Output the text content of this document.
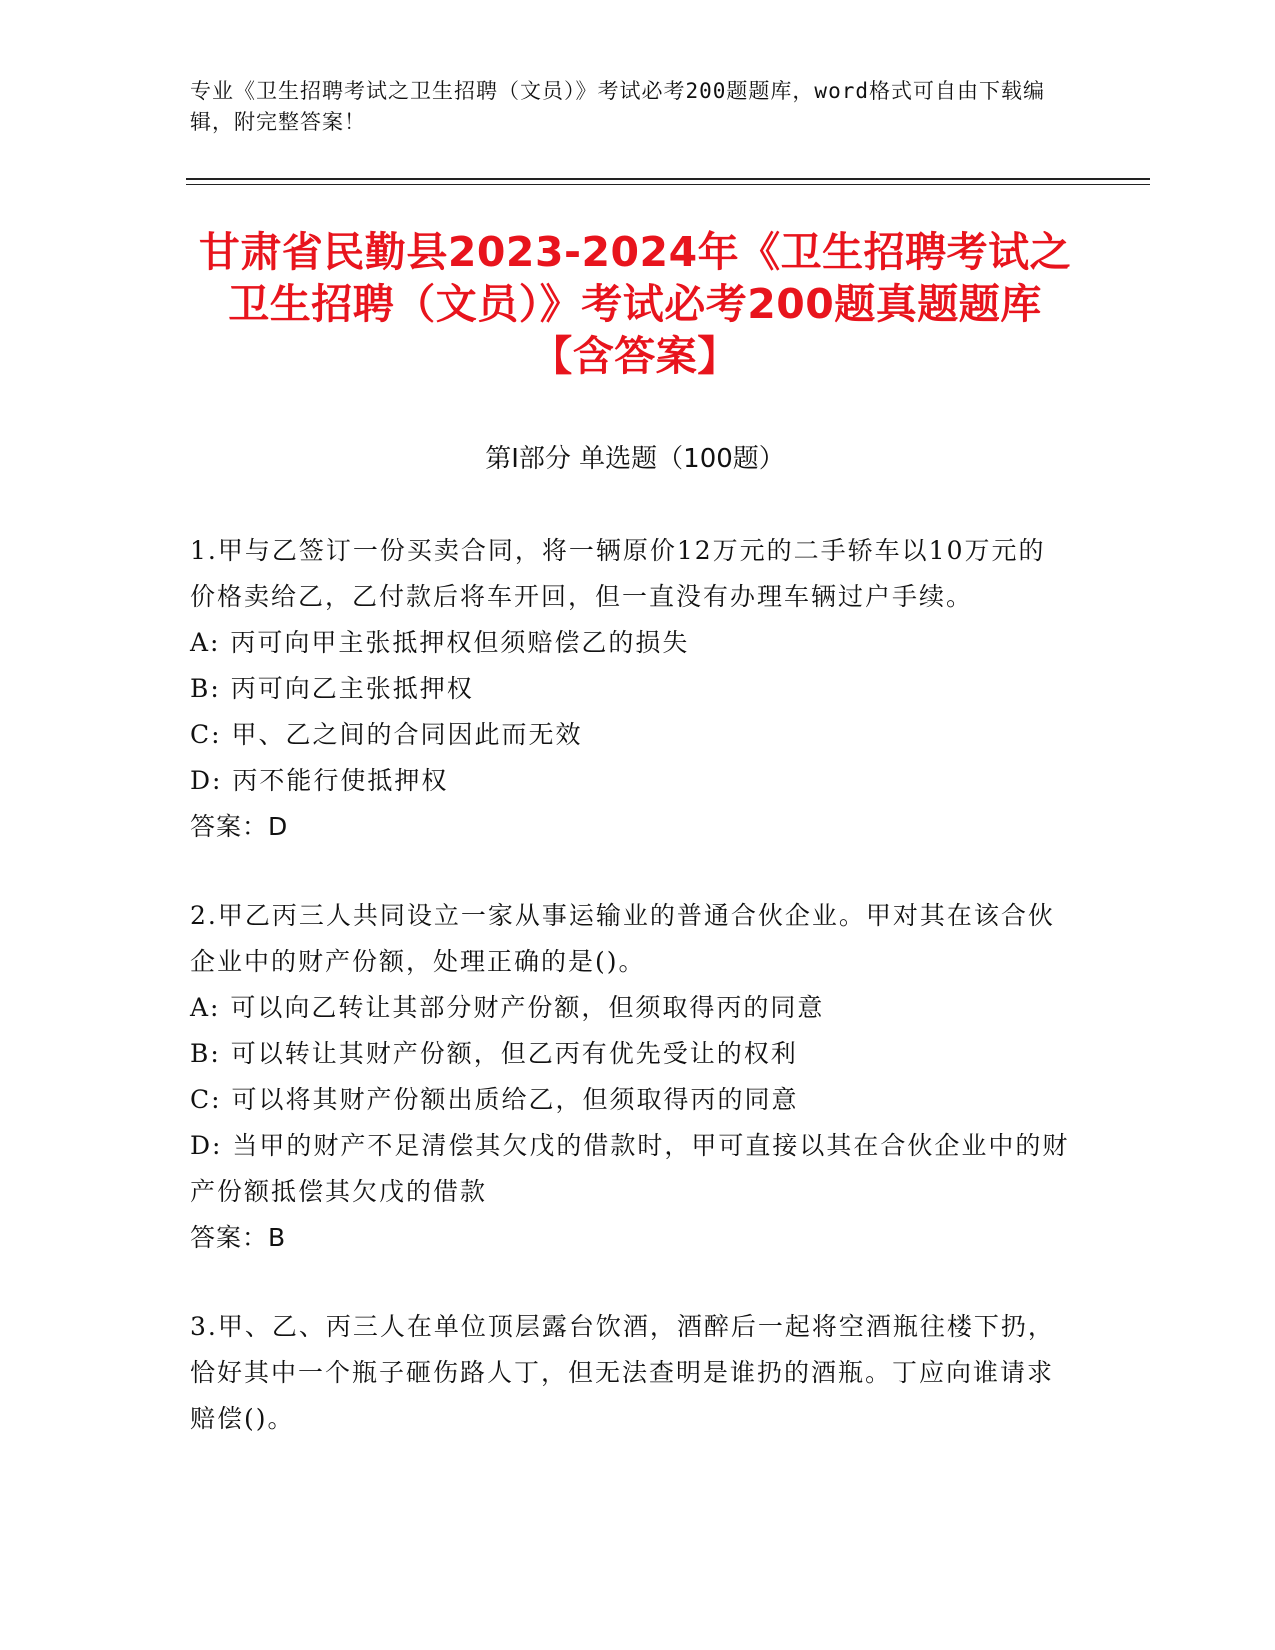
专业《卫生招聘考试之卫生招聘（文员）》考试必考200题题库，word格式可自由下载编辑，附完整答案！
甘肃省民勤县2023-2024年《卫生招聘考试之卫生招聘（文员）》考试必考200题真题题库【含答案】
第Ⅰ部分 单选题（100题）

1.甲与乙签订一份买卖合同，将一辆原价12万元的二手轿车以10万元的价格卖给乙，乙付款后将车开回，但一直没有办理车辆过户手续。

A: 丙可向甲主张抵押权但须赔偿乙的损失

B: 丙可向乙主张抵押权

C: 甲、乙之间的合同因此而无效

D: 丙不能行使抵押权

答案：D

2.甲乙丙三人共同设立一家从事运输业的普通合伙企业。甲对其在该合伙企业中的财产份额，处理正确的是()。

A: 可以向乙转让其部分财产份额，但须取得丙的同意

B: 可以转让其财产份额，但乙丙有优先受让的权利

C: 可以将其财产份额出质给乙，但须取得丙的同意

D: 当甲的财产不足清偿其欠戊的借款时，甲可直接以其在合伙企业中的财产份额抵偿其欠戊的借款

答案：B

3.甲、乙、丙三人在单位顶层露台饮酒，酒醉后一起将空酒瓶往楼下扔，恰好其中一个瓶子砸伤路人丁，但无法查明是谁扔的酒瓶。丁应向谁请求赔偿()。
